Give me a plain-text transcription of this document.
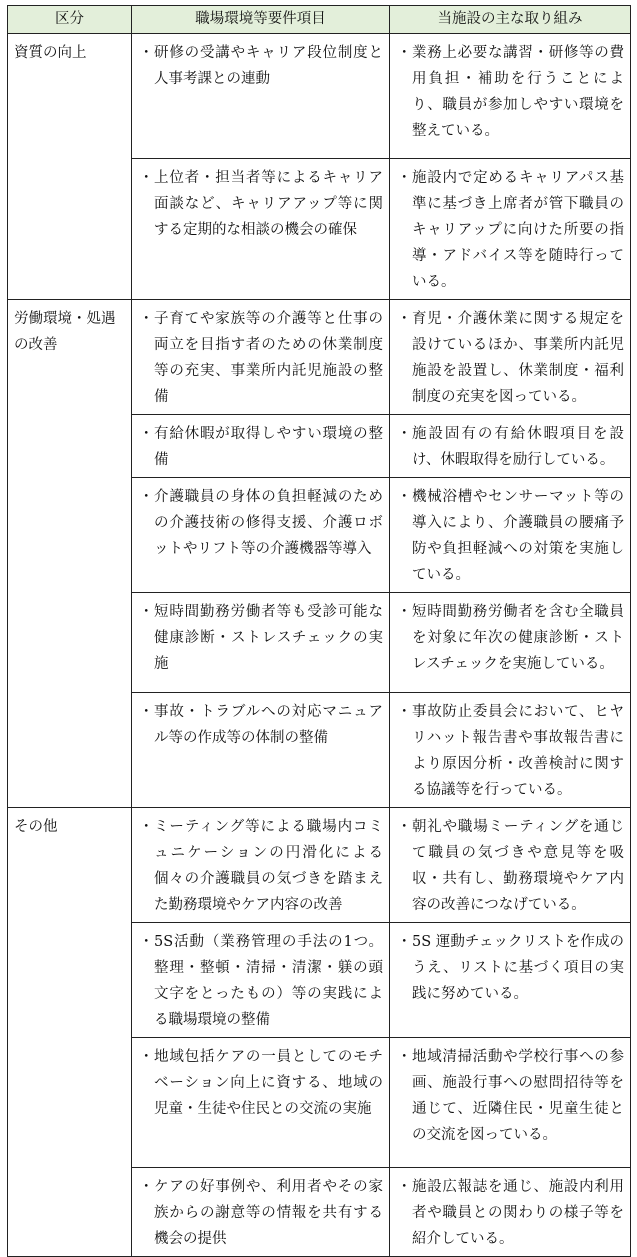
区分	職場環境等要件項目	当施設の主な取り組み
資質の向上	・ 研修の受講やキャリア段位制度と人事考課との連動	・ 業務上必要な講習・研修等の費用負担・補助を行うことにより、職員が参加しやすい環境を整えている。

	・ 上位者・担当者等によるキャリア面談など、キャリアアップ等に関する定期的な相談の機会の確保	・ 施設内で定めるキャリアパス基準に基づき上席者が管下職員のキャリアップに向けた所要の指導・アドバイス等を随時行っている。

労働環境・処遇の改善	・ 子育てや家族等の介護等と仕事の両立を目指す者のための休業制度等の充実、事業所内託児施設の整備	・ 育児・介護休業に関する規定を設けているほか、事業所内託児施設を設置し、休業制度・福利制度の充実を図っている。

	・ 有給休暇が取得しやすい環境の整備	・ 施設固有の有給休暇項目を設け、休暇取得を励行している。

	・ 介護職員の身体の負担軽減のための介護技術の修得支援、介護ロボットやリフト等の介護機器等導入	・ 機械浴槽やセンサーマット等の導入により、介護職員の腰痛予防や負担軽減への対策を実施している。

	・ 短時間勤務労働者等も受診可能な健康診断・ストレスチェックの実施	・ 短時間勤務労働者を含む全職員を対象に年次の健康診断・ストレスチェックを実施している。

	・ 事故・トラブルへの対応マニュアル等の作成等の体制の整備	・ 事故防止委員会において、ヒヤリハット報告書や事故報告書により原因分析・改善検討に関する協議等を行っている。

その他	・ ミーティング等による職場内コミュニケーションの円滑化による個々の介護職員の気づきを踏まえた勤務環境やケア内容の改善	・ 朝礼や職場ミーティングを通じて職員の気づきや意見等を吸収・共有し、勤務環境やケア内容の改善につなげている。

	・ 5S活動（業務管理の手法の1つ。整理・整頓・清掃・清潔・躾の頭文字をとったもの）等の実践による職場環境の整備	・ 5S 運動チェックリストを作成のうえ、リストに基づく項目の実践に努めている。

	・ 地域包括ケアの一員としてのモチベーション向上に資する、地域の児童・生徒や住民との交流の実施	・ 地域清掃活動や学校行事への参画、施設行事への慰問招待等を通じて、近隣住民・児童生徒との交流を図っている。

	・ ケアの好事例や、利用者やその家族からの謝意等の情報を共有する機会の提供	・ 施設広報誌を通じ、施設内利用者や職員との関わりの様子等を紹介している。
